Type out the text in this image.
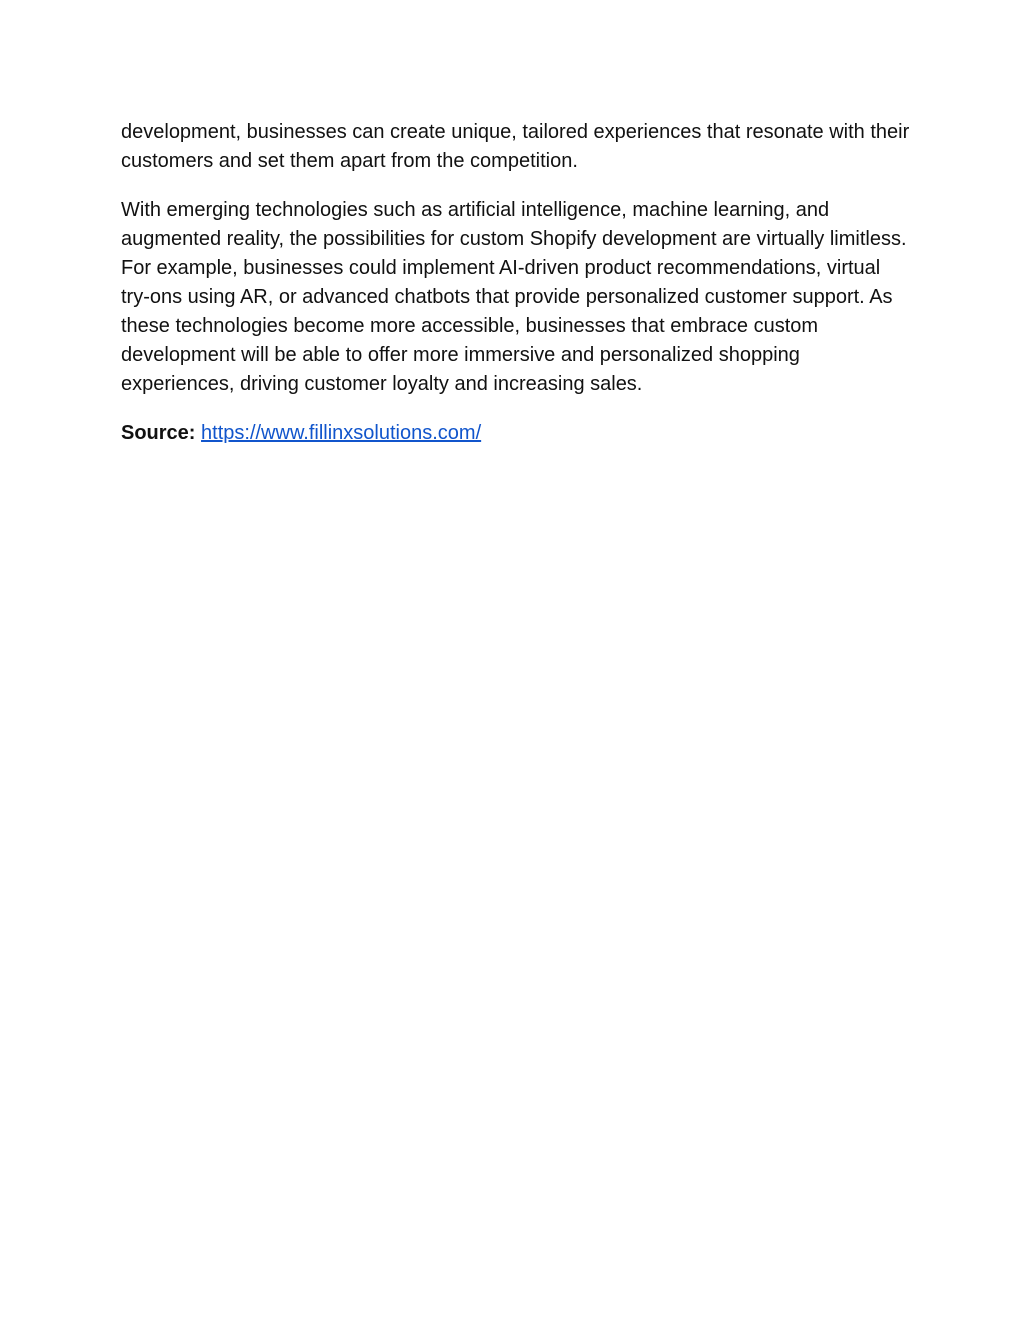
development, businesses can create unique, tailored experiences that resonate with their customers and set them apart from the competition.

With emerging technologies such as artificial intelligence, machine learning, and augmented reality, the possibilities for custom Shopify development are virtually limitless. For example, businesses could implement AI-driven product recommendations, virtual try-ons using AR, or advanced chatbots that provide personalized customer support. As these technologies become more accessible, businesses that embrace custom development will be able to offer more immersive and personalized shopping experiences, driving customer loyalty and increasing sales.

Source: https://www.fillinxsolutions.com/
